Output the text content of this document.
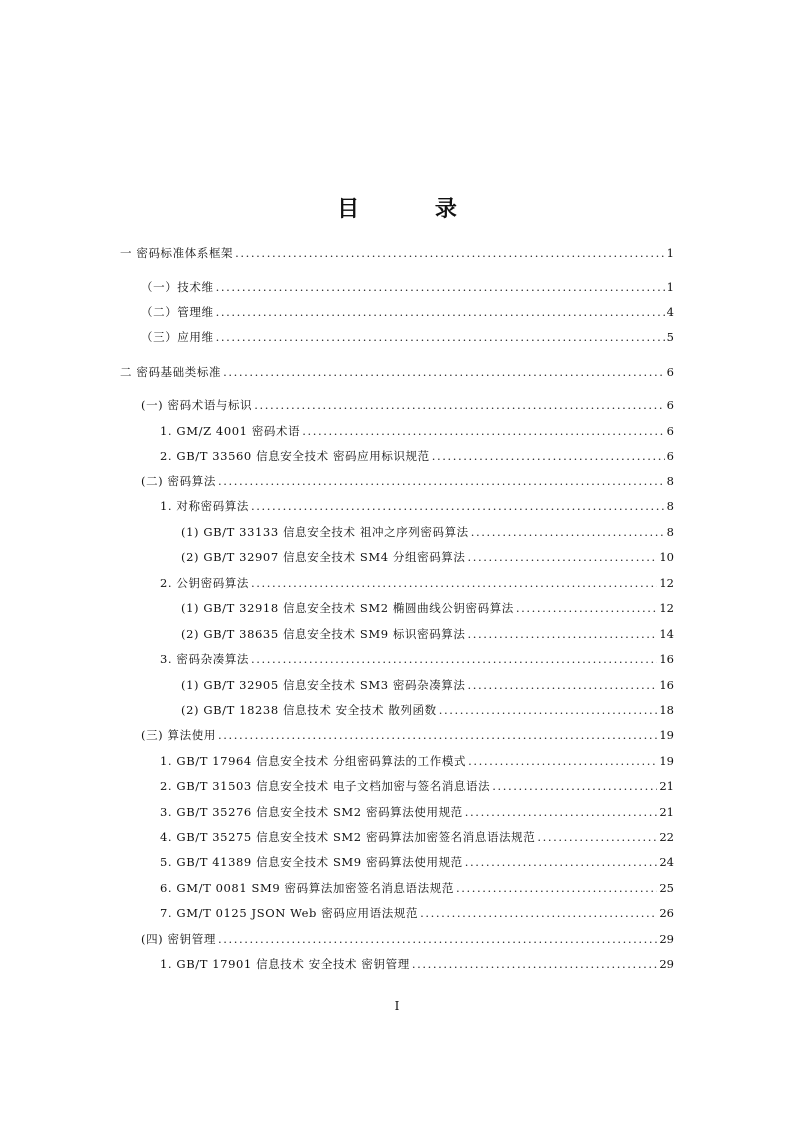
目 录
一 密码标准体系框架 .....	1
（一）技术维 .....	1
（二）管理维 .....	4
（三）应用维 .....	5
二 密码基础类标准 .....	6
(一) 密码术语与标识 .....	6
1. GM/Z 4001 密码术语 .....	6
2. GB/T 33560 信息安全技术 密码应用标识规范 .....	6
(二) 密码算法 .....	8
1. 对称密码算法 .....	8
(1) GB/T 33133 信息安全技术 祖冲之序列密码算法 .....	8
(2) GB/T 32907 信息安全技术 SM4 分组密码算法 .....	10
2. 公钥密码算法 .....	12
(1) GB/T 32918 信息安全技术 SM2 椭圆曲线公钥密码算法 .....	12
(2) GB/T 38635 信息安全技术 SM9 标识密码算法 .....	14
3. 密码杂凑算法 .....	16
(1) GB/T 32905 信息安全技术 SM3 密码杂凑算法 .....	16
(2) GB/T 18238 信息技术 安全技术 散列函数 .....	18
(三) 算法使用 .....	19
1. GB/T 17964 信息安全技术 分组密码算法的工作模式 .....	19
2. GB/T 31503 信息安全技术 电子文档加密与签名消息语法 .....	21
3. GB/T 35276 信息安全技术 SM2 密码算法使用规范 .....	21
4. GB/T 35275 信息安全技术 SM2 密码算法加密签名消息语法规范 .....	22
5. GB/T 41389 信息安全技术 SM9 密码算法使用规范 .....	24
6. GM/T 0081 SM9 密码算法加密签名消息语法规范 .....	25
7. GM/T 0125 JSON Web 密码应用语法规范 .....	26
(四) 密钥管理 .....	29
1. GB/T 17901 信息技术 安全技术 密钥管理 .....	29
I
